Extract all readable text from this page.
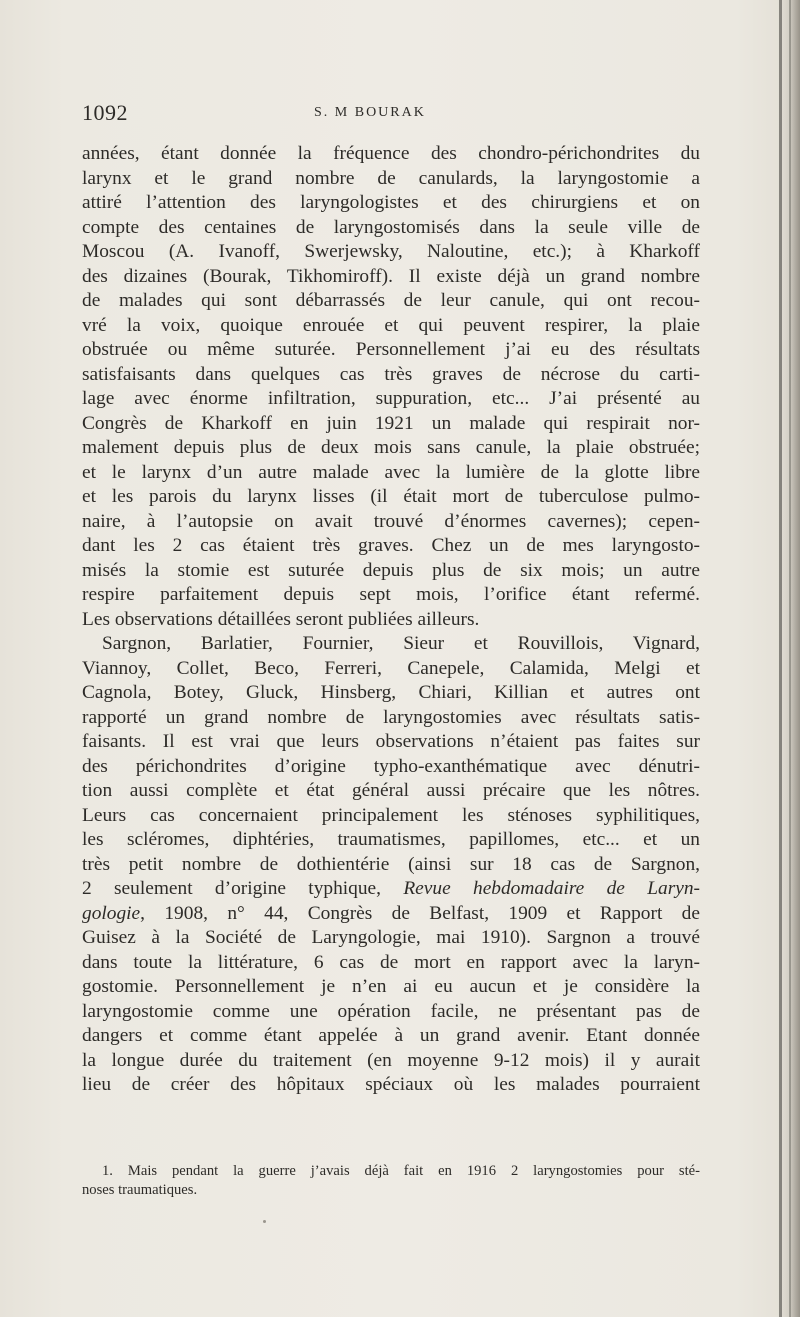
1092	S. M BOURAK
années, étant donnée la fréquence des chondro-périchondrites du
larynx et le grand nombre de canulards, la laryngostomie a
attiré l’attention des laryngologistes et des chirurgiens et on
compte des centaines de laryngostomisés dans la seule ville de
Moscou (A. Ivanoff, Swerjewsky, Naloutine, etc.); à Kharkoff
des dizaines (Bourak, Tikhomiroff). Il existe déjà un grand nombre
de malades qui sont débarrassés de leur canule, qui ont recou-
vré la voix, quoique enrouée et qui peuvent respirer, la plaie
obstruée ou même suturée. Personnellement j’ai eu des résultats
satisfaisants dans quelques cas très graves de nécrose du carti-
lage avec énorme infiltration, suppuration, etc... J’ai présenté au
Congrès de Kharkoff en juin 1921 un malade qui respirait nor-
malement depuis plus de deux mois sans canule, la plaie obstruée;
et le larynx d’un autre malade avec la lumière de la glotte libre
et les parois du larynx lisses (il était mort de tuberculose pulmo-
naire, à l’autopsie on avait trouvé d’énormes cavernes); cepen-
dant les 2 cas étaient très graves. Chez un de mes laryngosto-
misés la stomie est suturée depuis plus de six mois; un autre
respire parfaitement depuis sept mois, l’orifice étant refermé.
Les observations détaillées seront publiées ailleurs.
Sargnon, Barlatier, Fournier, Sieur et Rouvillois, Vignard,
Viannoy, Collet, Beco, Ferreri, Canepele, Calamida, Melgi et
Cagnola, Botey, Gluck, Hinsberg, Chiari, Killian et autres ont
rapporté un grand nombre de laryngostomies avec résultats satis-
faisants. Il est vrai que leurs observations n’étaient pas faites sur
des périchondrites d’origine typho-exanthématique avec dénutri-
tion aussi complète et état général aussi précaire que les nôtres.
Leurs cas concernaient principalement les sténoses syphilitiques,
les scléromes, diphtéries, traumatismes, papillomes, etc... et un
très petit nombre de dothientérie (ainsi sur 18 cas de Sargnon,
2 seulement d’origine typhique, Revue hebdomadaire de Laryn-
gologie, 1908, n° 44, Congrès de Belfast, 1909 et Rapport de
Guisez à la Société de Laryngologie, mai 1910). Sargnon a trouvé
dans toute la littérature, 6 cas de mort en rapport avec la laryn-
gostomie. Personnellement je n’en ai eu aucun et je considère la
laryngostomie comme une opération facile, ne présentant pas de
dangers et comme étant appelée à un grand avenir. Etant donnée
la longue durée du traitement (en moyenne 9-12 mois) il y aurait
lieu de créer des hôpitaux spéciaux où les malades pourraient
1. Mais pendant la guerre j’avais déjà fait en 1916 2 laryngostomies pour sté-
noses traumatiques.
